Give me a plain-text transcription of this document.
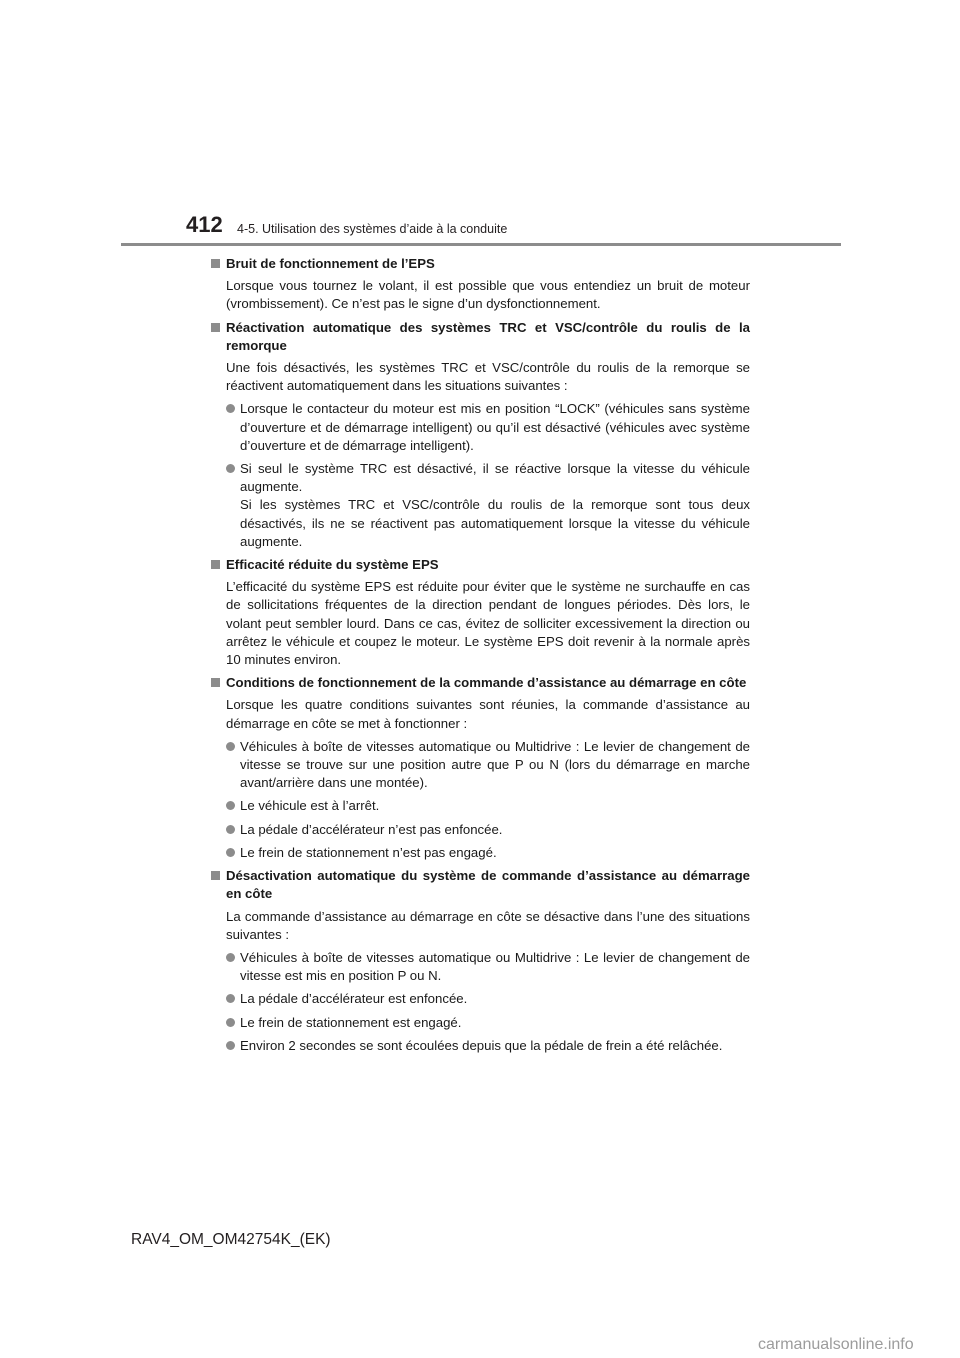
412 4-5. Utilisation des systèmes d’aide à la conduite
Bruit de fonctionnement de l’EPS
Lorsque vous tournez le volant, il est possible que vous entendiez un bruit de moteur (vrombissement). Ce n’est pas le signe d’un dysfonctionnement.
Réactivation automatique des systèmes TRC et VSC/contrôle du roulis de la remorque
Une fois désactivés, les systèmes TRC et VSC/contrôle du roulis de la remorque se réactivent automatiquement dans les situations suivantes :

Lorsque le contacteur du moteur est mis en position “LOCK” (véhicules sans système d’ouverture et de démarrage intelligent) ou qu’il est désactivé (véhicules avec système d’ouverture et de démarrage intelligent).

Si seul le système TRC est désactivé, il se réactive lorsque la vitesse du véhicule augmente.

Si les systèmes TRC et VSC/contrôle du roulis de la remorque sont tous deux désactivés, ils ne se réactivent pas automatiquement lorsque la vitesse du véhicule augmente.

Efficacité réduite du système EPS
L’efficacité du système EPS est réduite pour éviter que le système ne surchauffe en cas de sollicitations fréquentes de la direction pendant de longues périodes. Dès lors, le volant peut sembler lourd. Dans ce cas, évitez de solliciter excessivement la direction ou arrêtez le véhicule et coupez le moteur. Le système EPS doit revenir à la normale après 10 minutes environ.
Conditions de fonctionnement de la commande d’assistance au démarrage en côte
Lorsque les quatre conditions suivantes sont réunies, la commande d’assistance au démarrage en côte se met à fonctionner :

Véhicules à boîte de vitesses automatique ou Multidrive : Le levier de changement de vitesse se trouve sur une position autre que P ou N (lors du démarrage en marche avant/arrière dans une montée).

Le véhicule est à l’arrêt.

La pédale d’accélérateur n’est pas enfoncée.

Le frein de stationnement n’est pas engagé.

Désactivation automatique du système de commande d’assistance au démarrage en côte
La commande d’assistance au démarrage en côte se désactive dans l’une des situations suivantes :

Véhicules à boîte de vitesses automatique ou Multidrive : Le levier de changement de vitesse est mis en position P ou N.

La pédale d’accélérateur est enfoncée.

Le frein de stationnement est engagé.

Environ 2 secondes se sont écoulées depuis que la pédale de frein a été relâchée.

RAV4_OM_OM42754K_(EK)
carmanualsonline.info
